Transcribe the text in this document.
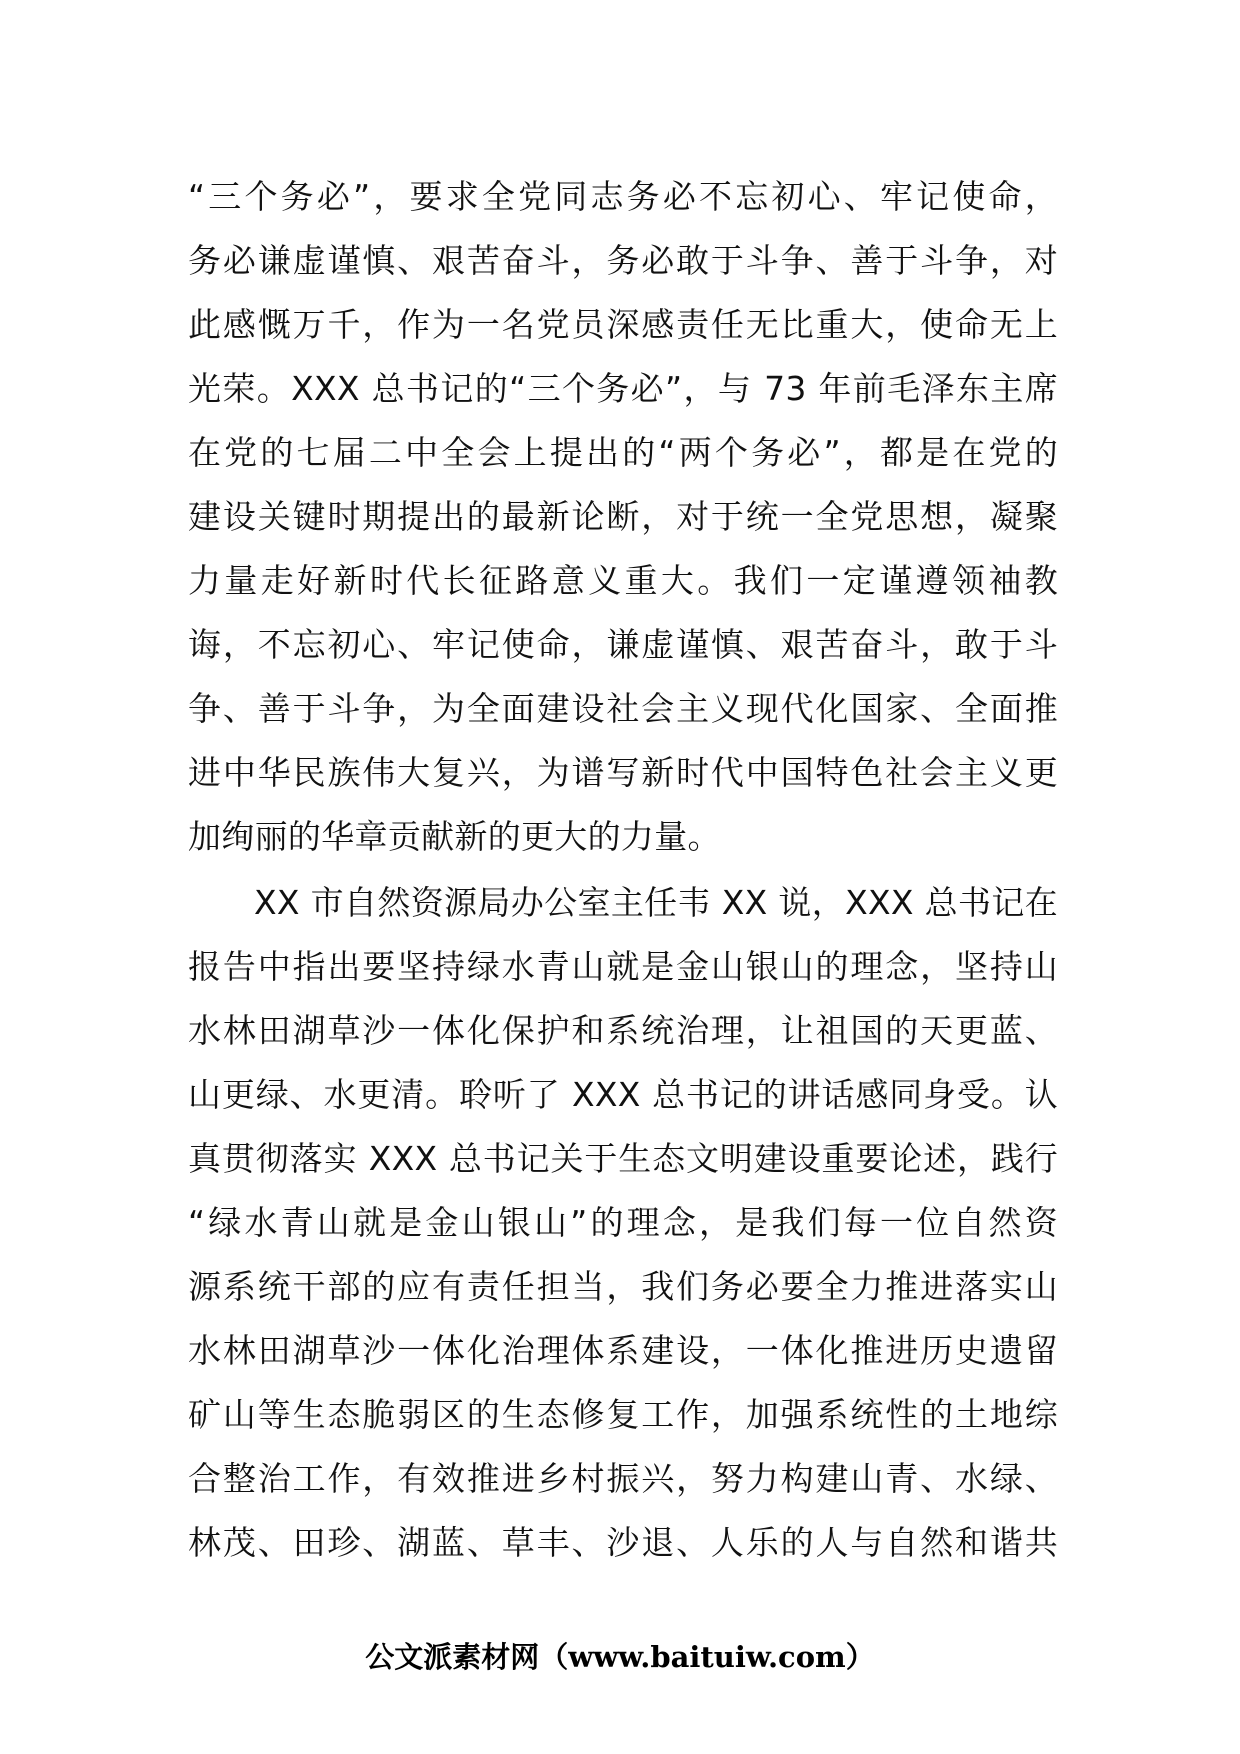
“三个务必”，要求全党同志务必不忘初心、牢记使命，
务必谦虚谨慎、艰苦奋斗，务必敢于斗争、善于斗争，对
此感慨万千，作为一名党员深感责任无比重大，使命无上
光荣。XXX 总书记的“三个务必”，与 73 年前毛泽东主席
在党的七届二中全会上提出的“两个务必”，都是在党的
建设关键时期提出的最新论断，对于统一全党思想，凝聚
力量走好新时代长征路意义重大。我们一定谨遵领袖教
诲，不忘初心、牢记使命，谦虚谨慎、艰苦奋斗，敢于斗
争、善于斗争，为全面建设社会主义现代化国家、全面推
进中华民族伟大复兴，为谱写新时代中国特色社会主义更
加绚丽的华章贡献新的更大的力量。
XX 市自然资源局办公室主任韦 XX 说，XXX 总书记在
报告中指出要坚持绿水青山就是金山银山的理念，坚持山
水林田湖草沙一体化保护和系统治理，让祖国的天更蓝、
山更绿、水更清。聆听了 XXX 总书记的讲话感同身受。认
真贯彻落实 XXX 总书记关于生态文明建设重要论述，践行
“绿水青山就是金山银山”的理念，是我们每一位自然资
源系统干部的应有责任担当，我们务必要全力推进落实山
水林田湖草沙一体化治理体系建设，一体化推进历史遗留
矿山等生态脆弱区的生态修复工作，加强系统性的土地综
合整治工作，有效推进乡村振兴，努力构建山青、水绿、
林茂、田珍、湖蓝、草丰、沙退、人乐的人与自然和谐共
公文派素材网（www.baituiw.com）
